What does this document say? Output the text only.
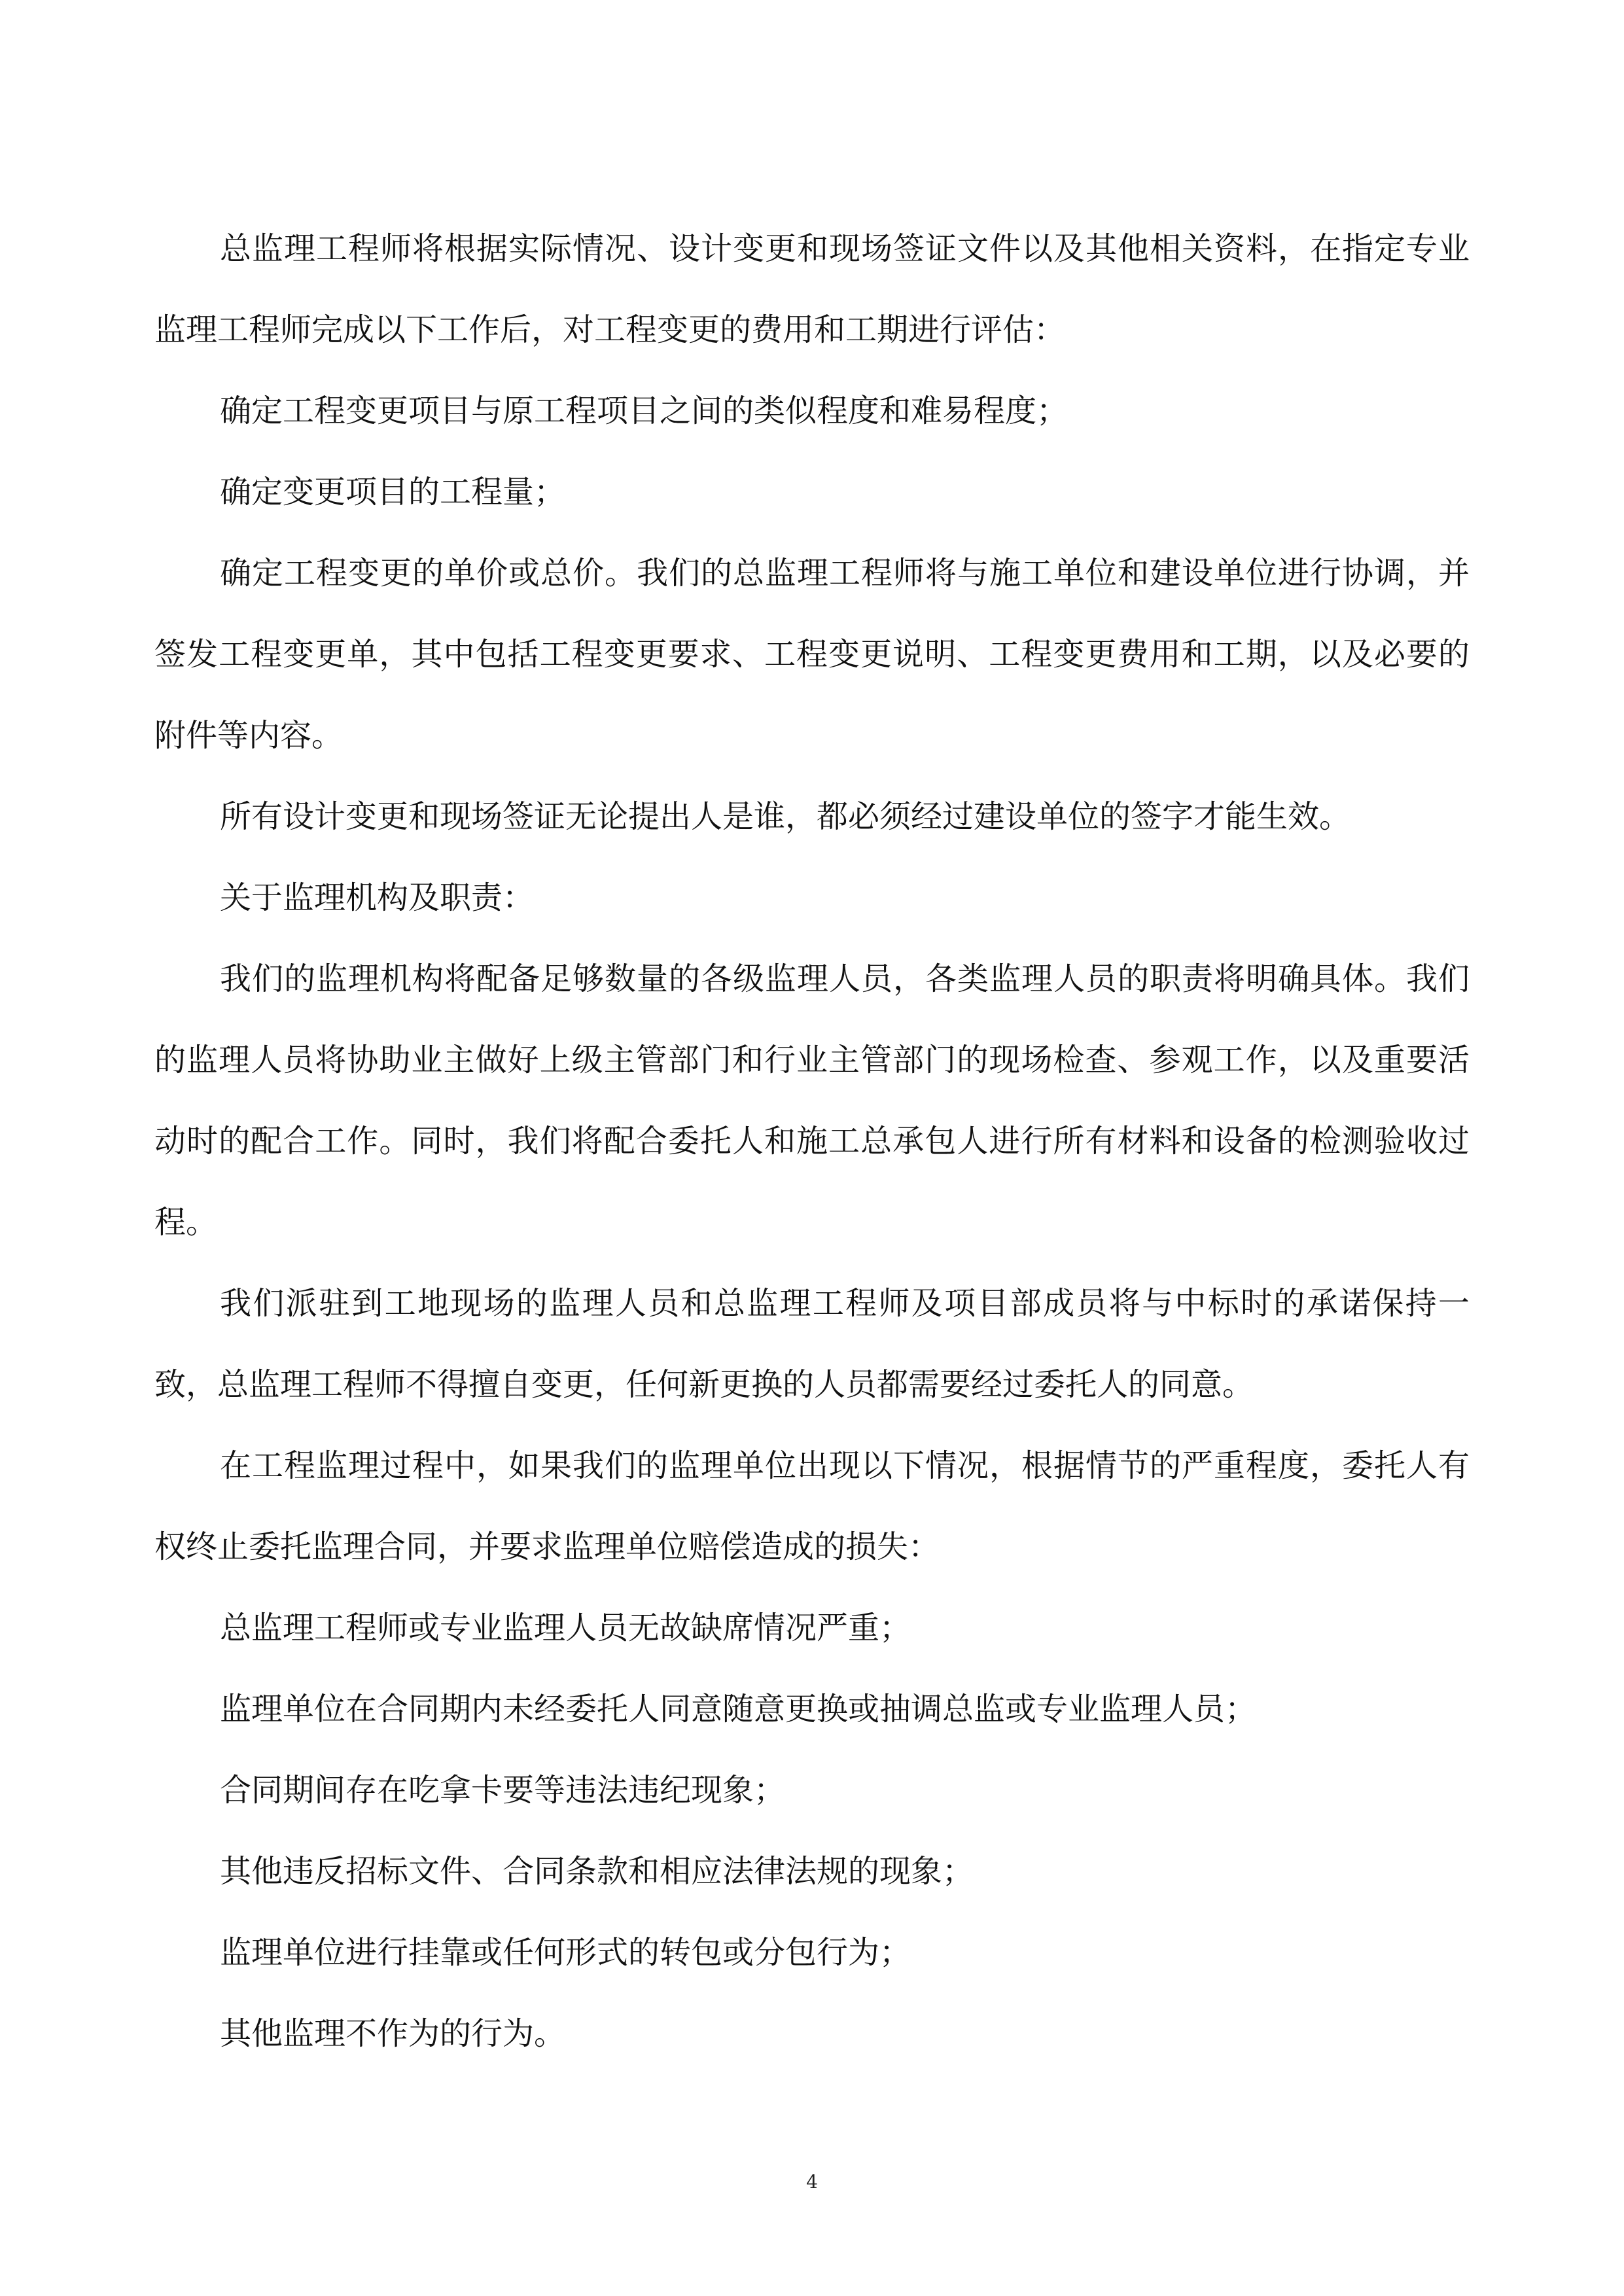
总监理工程师将根据实际情况、设计变更和现场签证文件以及其他相关资料，在指定专业监理工程师完成以下工作后，对工程变更的费用和工期进行评估：

确定工程变更项目与原工程项目之间的类似程度和难易程度；

确定变更项目的工程量；

确定工程变更的单价或总价。我们的总监理工程师将与施工单位和建设单位进行协调，并签发工程变更单，其中包括工程变更要求、工程变更说明、工程变更费用和工期，以及必要的附件等内容。

所有设计变更和现场签证无论提出人是谁，都必须经过建设单位的签字才能生效。

关于监理机构及职责：

我们的监理机构将配备足够数量的各级监理人员，各类监理人员的职责将明确具体。我们的监理人员将协助业主做好上级主管部门和行业主管部门的现场检查、参观工作，以及重要活动时的配合工作。同时，我们将配合委托人和施工总承包人进行所有材料和设备的检测验收过程。

我们派驻到工地现场的监理人员和总监理工程师及项目部成员将与中标时的承诺保持一致，总监理工程师不得擅自变更，任何新更换的人员都需要经过委托人的同意。

在工程监理过程中，如果我们的监理单位出现以下情况，根据情节的严重程度，委托人有权终止委托监理合同，并要求监理单位赔偿造成的损失：

总监理工程师或专业监理人员无故缺席情况严重；

监理单位在合同期内未经委托人同意随意更换或抽调总监或专业监理人员；

合同期间存在吃拿卡要等违法违纪现象；

其他违反招标文件、合同条款和相应法律法规的现象；

监理单位进行挂靠或任何形式的转包或分包行为；

其他监理不作为的行为。

4
